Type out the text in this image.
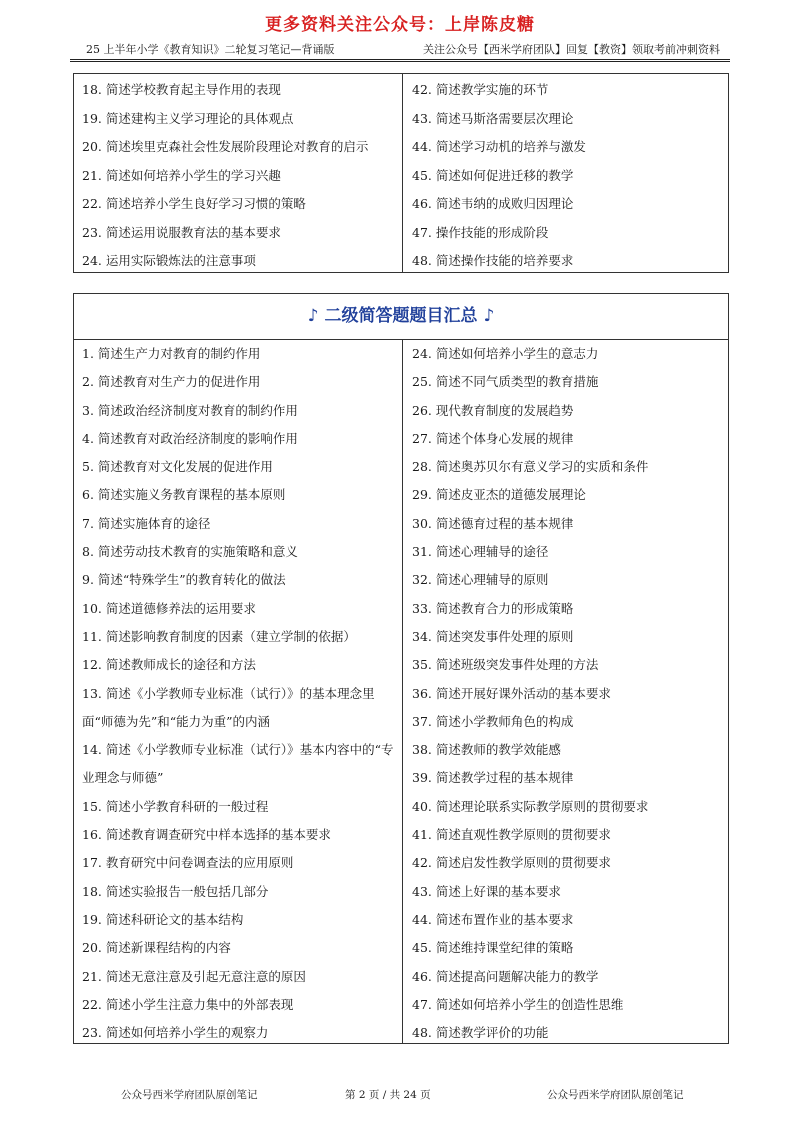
更多资料关注公众号：上岸陈皮糖
25 上半年小学《教育知识》二轮复习笔记—背诵版	关注公众号【西米学府团队】回复【教资】领取考前冲刺资料
18. 简述学校教育起主导作用的表现
19. 简述建构主义学习理论的具体观点
20. 简述埃里克森社会性发展阶段理论对教育的启示
21. 简述如何培养小学生的学习兴趣
22. 简述培养小学生良好学习习惯的策略
23. 简述运用说服教育法的基本要求
24. 运用实际锻炼法的注意事项
42. 简述教学实施的环节
43. 简述马斯洛需要层次理论
44. 简述学习动机的培养与激发
45. 简述如何促进迁移的教学
46. 简述韦纳的成败归因理论
47. 操作技能的形成阶段
48. 简述操作技能的培养要求
♪ 二级简答题题目汇总 ♪
1. 简述生产力对教育的制约作用
2. 简述教育对生产力的促进作用
3. 简述政治经济制度对教育的制约作用
4. 简述教育对政治经济制度的影响作用
5. 简述教育对文化发展的促进作用
6. 简述实施义务教育课程的基本原则
7. 简述实施体育的途径
8. 简述劳动技术教育的实施策略和意义
9. 简述“特殊学生”的教育转化的做法
10. 简述道德修养法的运用要求
11. 简述影响教育制度的因素（建立学制的依据）
12. 简述教师成长的途径和方法
13. 简述《小学教师专业标准（试行）》的基本理念里面“师德为先”和“能力为重”的内涵
14. 简述《小学教师专业标准（试行）》基本内容中的“专业理念与师德”
15. 简述小学教育科研的一般过程
16. 简述教育调查研究中样本选择的基本要求
17. 教育研究中问卷调查法的应用原则
18. 简述实验报告一般包括几部分
19. 简述科研论文的基本结构
20. 简述新课程结构的内容
21. 简述无意注意及引起无意注意的原因
22. 简述小学生注意力集中的外部表现
23. 简述如何培养小学生的观察力
24. 简述如何培养小学生的意志力
25. 简述不同气质类型的教育措施
26. 现代教育制度的发展趋势
27. 简述个体身心发展的规律
28. 简述奥苏贝尔有意义学习的实质和条件
29. 简述皮亚杰的道德发展理论
30. 简述德育过程的基本规律
31. 简述心理辅导的途径
32. 简述心理辅导的原则
33. 简述教育合力的形成策略
34. 简述突发事件处理的原则
35. 简述班级突发事件处理的方法
36. 简述开展好课外活动的基本要求
37. 简述小学教师角色的构成
38. 简述教师的教学效能感
39. 简述教学过程的基本规律
40. 简述理论联系实际教学原则的贯彻要求
41. 简述直观性教学原则的贯彻要求
42. 简述启发性教学原则的贯彻要求
43. 简述上好课的基本要求
44. 简述布置作业的基本要求
45. 简述维持课堂纪律的策略
46. 简述提高问题解决能力的教学
47. 简述如何培养小学生的创造性思维
48. 简述教学评价的功能
公众号西米学府团队原创笔记	第 2 页 / 共 24 页	公众号西米学府团队原创笔记
